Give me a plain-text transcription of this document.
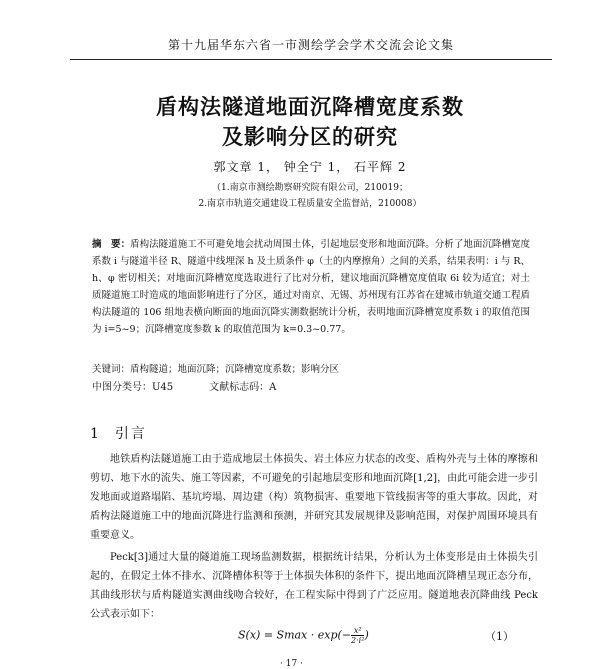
第十九届华东六省一市测绘学会学术交流会论文集
盾构法隧道地面沉降槽宽度系数
及影响分区的研究
郭文章 1， 钟全宁 1， 石平辉 2
（1.南京市测绘勘察研究院有限公司，210019；
2.南京市轨道交通建设工程质量安全监督站，210008）
摘　要：盾构法隧道施工不可避免地会扰动周围土体，引起地层变形和地面沉降。分析了地面沉降槽宽度系数 i 与隧道半径 R、隧道中线埋深 h 及土质条件 φ（土的内摩擦角）之间的关系，结果表明：i 与 R、h、φ 密切相关；对地面沉降槽宽度选取进行了比对分析，建议地面沉降槽宽度值取 6i 较为适宜；对土质隧道施工时造成的地面影响进行了分区，通过对南京、无锡、苏州现有江苏省在建城市轨道交通工程盾构法隧道的 106 组地表横向断面的地面沉降实测数据统计分析，表明地面沉降槽宽度系数 i 的取值范围为 i=5~9；沉降槽宽度参数 k 的取值范围为 k=0.3~0.77。
关键词：盾构隧道；地面沉降；沉降槽宽度系数；影响分区
中图分类号：U45	文献标志码：A
1 引言
地铁盾构法隧道施工由于造成地层土体损失、岩土体应力状态的改变、盾构外壳与土体的摩擦和剪切、地下水的流失、施工等因素，不可避免的引起地层变形和地面沉降[1,2]，由此可能会进一步引发地面或道路塌陷、基坑垮塌、周边建（构）筑物损害、重要地下管线损害等的重大事故。因此，对盾构法隧道施工中的地面沉降进行监测和预测，并研究其发展规律及影响范围，对保护周围环境具有重要意义。
Peck[3]通过大量的隧道施工现场监测数据，根据统计结果，分析认为土体变形是由土体损失引起的，在假定土体不排水、沉降槽体积等于土体损失体积的条件下，提出地面沉降槽呈现正态分布，其曲线形状与盾构隧道实测曲线吻合较好，在工程实际中得到了广泛应用。隧道地表沉降曲线 Peck 公式表示如下：
$S(x) = Smax \cdot \exp(- \frac{\text{x²}}{\text{2·i²}})$	（1）
· 17 ·
